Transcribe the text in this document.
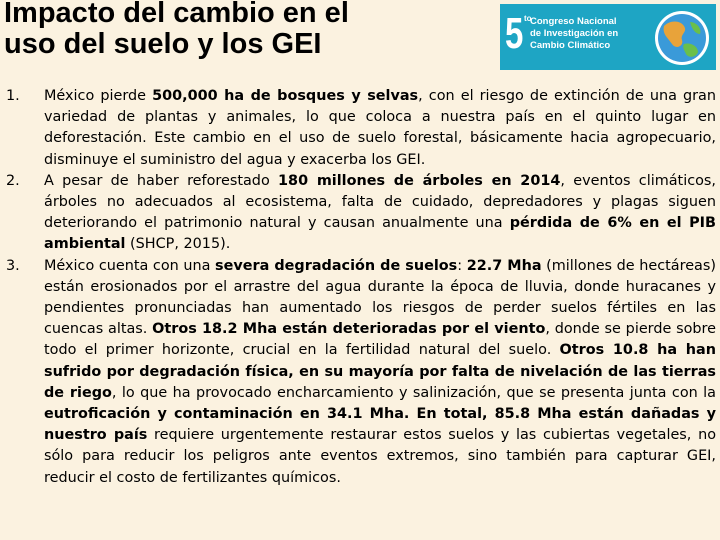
Impacto del cambio en el
uso del suelo y los GEI	5 to
Congreso Nacional
de Investigación en
Cambio Climático
1. México pierde 500,000 ha de bosques y selvas, con el riesgo de extinción de una gran variedad de plantas y animales, lo que coloca a nuestra país en el quinto lugar en deforestación. Este cambio en el uso de suelo forestal, básicamente hacia agropecuario, disminuye el suministro del agua y exacerba los GEI.

2. A pesar de haber reforestado 180 millones de árboles en 2014, eventos climáticos, árboles no adecuados al ecosistema, falta de cuidado, depredadores y plagas siguen deteriorando el patrimonio natural y causan anualmente una pérdida de 6% en el PIB ambiental (SHCP, 2015).

3. México cuenta con una severa degradación de suelos: 22.7 Mha (millones de hectáreas) están erosionados por el arrastre del agua durante la época de lluvia, donde huracanes y pendientes pronunciadas han aumentado los riesgos de perder suelos fértiles en las cuencas altas. Otros 18.2 Mha están deterioradas por el viento, donde se pierde sobre todo el primer horizonte, crucial en la fertilidad natural del suelo. Otros 10.8 ha han sufrido por degradación física, en su mayoría por falta de nivelación de las tierras de riego, lo que ha provocado encharcamiento y salinización, que se presenta junta con la eutroficación y contaminación en 34.1 Mha. En total, 85.8 Mha están dañadas y nuestro país requiere urgentemente restaurar estos suelos y las cubiertas vegetales, no sólo para reducir los peligros ante eventos extremos, sino también para capturar GEI, reducir el costo de fertilizantes químicos.
